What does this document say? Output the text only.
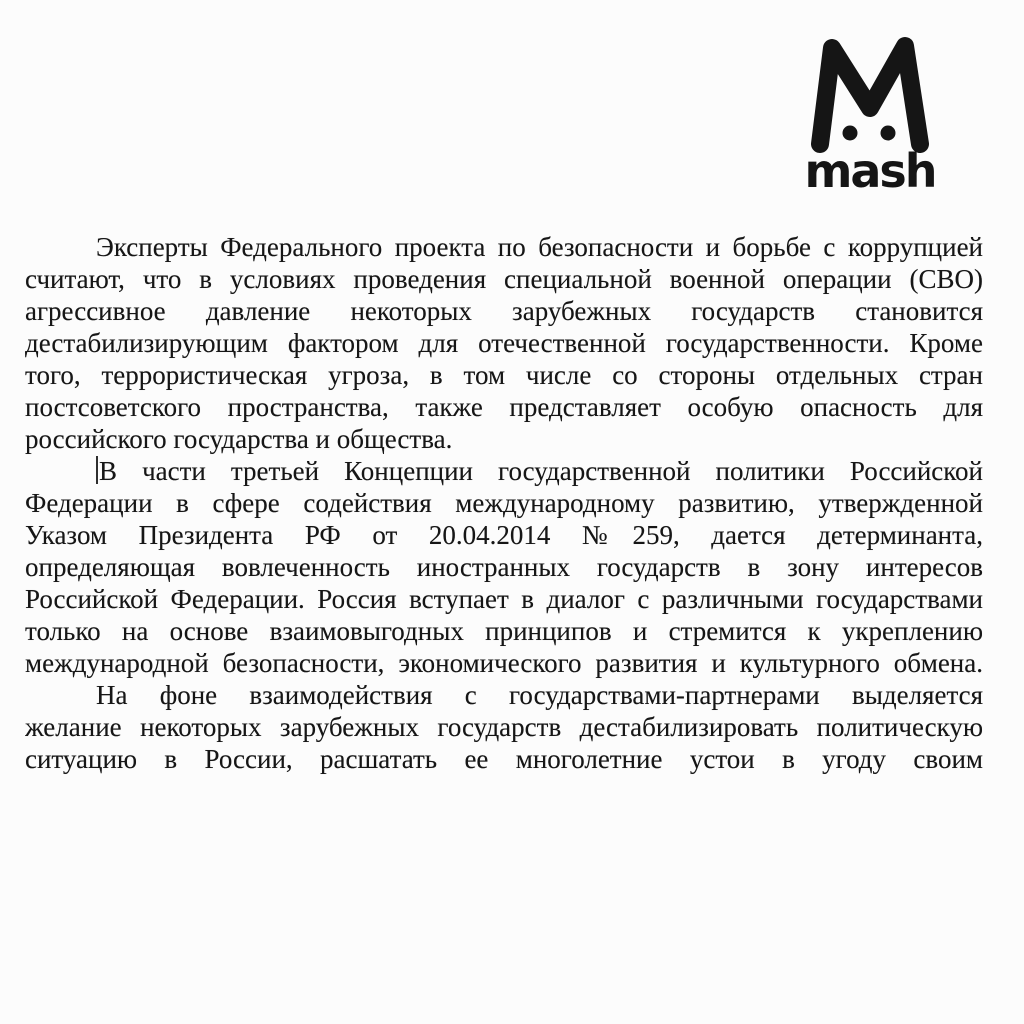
mash
Эксперты Федерального проекта по безопасности и борьбе с коррупцией
считают, что в условиях проведения специальной военной операции (СВО)
агрессивное давление некоторых зарубежных государств становится
дестабилизирующим фактором для отечественной государственности. Кроме
того, террористическая угроза, в том числе со стороны отдельных стран
постсоветского пространства, также представляет особую опасность для
российского государства и общества.
В части третьей Концепции государственной политики Российской
Федерации в сфере содействия международному развитию, утвержденной
Указом Президента РФ от 20.04.2014 №259, дается детерминанта,
определяющая вовлеченность иностранных государств в зону интересов
Российской Федерации. Россия вступает в диалог с различными государствами
только на основе взаимовыгодных принципов и стремится к укреплению
международной безопасности, экономического развития и культурного обмена.
На фоне взаимодействия с государствами-партнерами выделяется
желание некоторых зарубежных государств дестабилизировать политическую
ситуацию в России, расшатать ее многолетние устои в угоду своим
